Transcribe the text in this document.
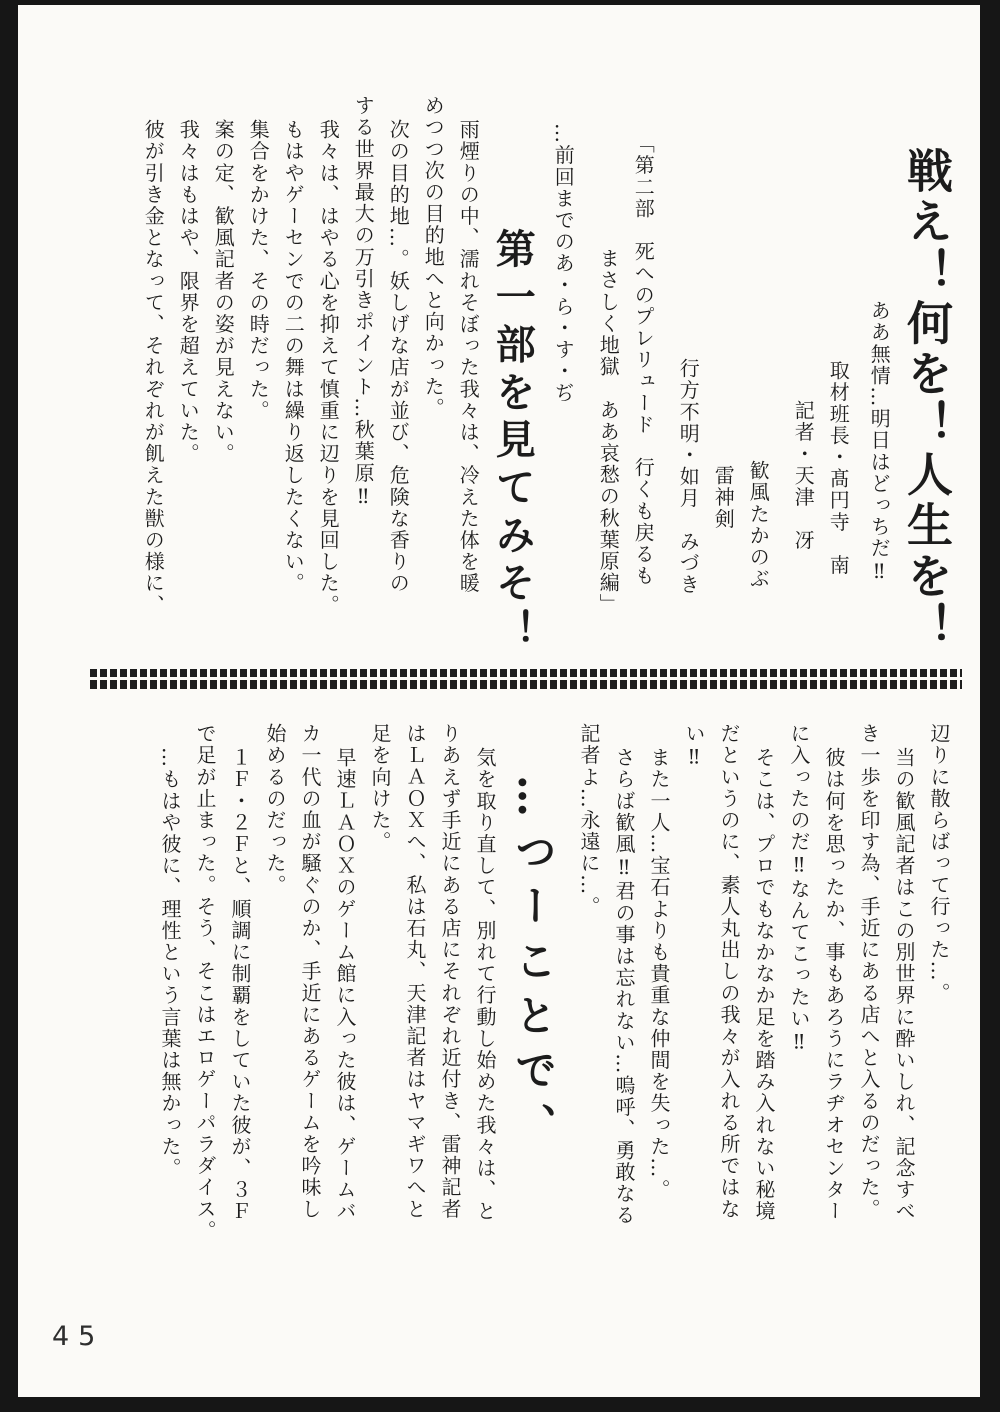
戦え！何を！人生を！

ああ無情…明日はどっちだ‼

取材班長・髙円寺　南

記者・天津　冴

歓風たかのぶ

雷神剣

行方不明・如月　みづき

「第二部　死へのプレリュード　行くも戻るも

まさしく地獄　ああ哀愁の秋葉原編」

…前回までのあ・ら・す・ぢ

第一部を見てみそ！

雨煙りの中、濡れそぼった我々は、冷えた体を暖

めつつ次の目的地へと向かった。

次の目的地…。妖しげな店が並び、危険な香りの

する世界最大の万引きポイント…秋葉原‼

我々は、はやる心を抑えて慎重に辺りを見回した。

もはやゲーセンでの二の舞は繰り返したくない。

集合をかけた、その時だった。

案の定、歓風記者の姿が見えない。

我々はもはや、限界を超えていた。

彼が引き金となって、それぞれが飢えた獣の様に、

辺りに散らばって行った…。

当の歓風記者はこの別世界に酔いしれ、記念すべ

き一歩を印す為、手近にある店へと入るのだった。

彼は何を思ったか、事もあろうにラヂオセンター

に入ったのだ‼なんてこったい‼

そこは、プロでもなかなか足を踏み入れない秘境

だというのに、素人丸出しの我々が入れる所ではな

い‼

また一人…宝石よりも貴重な仲間を失った…。

さらば歓風‼君の事は忘れない…嗚呼、勇敢なる

記者よ…永遠に…。

…つーことで、

気を取り直して、別れて行動し始めた我々は、と

りあえず手近にある店にそれぞれ近付き、雷神記者

はＬＡＯＸへ、私は石丸、天津記者はヤマギワへと

足を向けた。

早速ＬＡＯＸのゲーム館に入った彼は、ゲームバ

カ一代の血が騒ぐのか、手近にあるゲームを吟味し

始めるのだった。

１Ｆ・２Ｆと、順調に制覇をしていた彼が、３Ｆ

で足が止まった。そう、そこはエロゲーパラダイス。

…もはや彼に、理性という言葉は無かった。

45
